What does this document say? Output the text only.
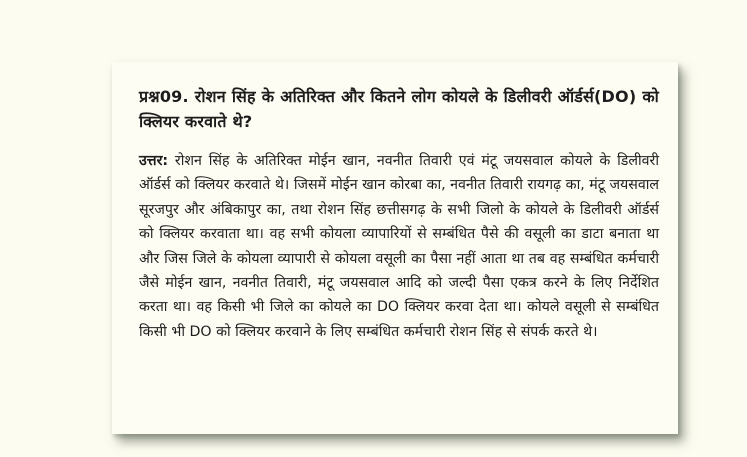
प्रश्न09. रोशन सिंह के अतिरिक्त और कितने लोग कोयले के डिलीवरी ऑर्डर्स(DO) को क्लियर करवाते थे?

उत्तर: रोशन सिंह के अतिरिक्त मोईन खान, नवनीत तिवारी एवं मंटू जयसवाल कोयले के डिलीवरी ऑर्डर्स को क्लियर करवाते थे। जिसमें मोईन खान कोरबा का, नवनीत तिवारी रायगढ़ का, मंटू जयसवाल सूरजपुर और अंबिकापुर का, तथा रोशन सिंह छत्तीसगढ़ के सभी जिलो के कोयले के डिलीवरी ऑर्डर्स को क्लियर करवाता था। वह सभी कोयला व्यापारियों से सम्बंधित पैसे की वसूली का डाटा बनाता था और जिस जिले के कोयला व्यापारी से कोयला वसूली का पैसा नहीं आता था तब वह सम्बंधित कर्मचारी जैसे मोईन खान, नवनीत तिवारी, मंटू जयसवाल आदि को जल्दी पैसा एकत्र करने के लिए निर्देशित करता था। वह किसी भी जिले का कोयले का DO क्लियर करवा देता था। कोयले वसूली से सम्बंधित किसी भी DO को क्लियर करवाने के लिए सम्बंधित कर्मचारी रोशन सिंह से संपर्क करते थे।
